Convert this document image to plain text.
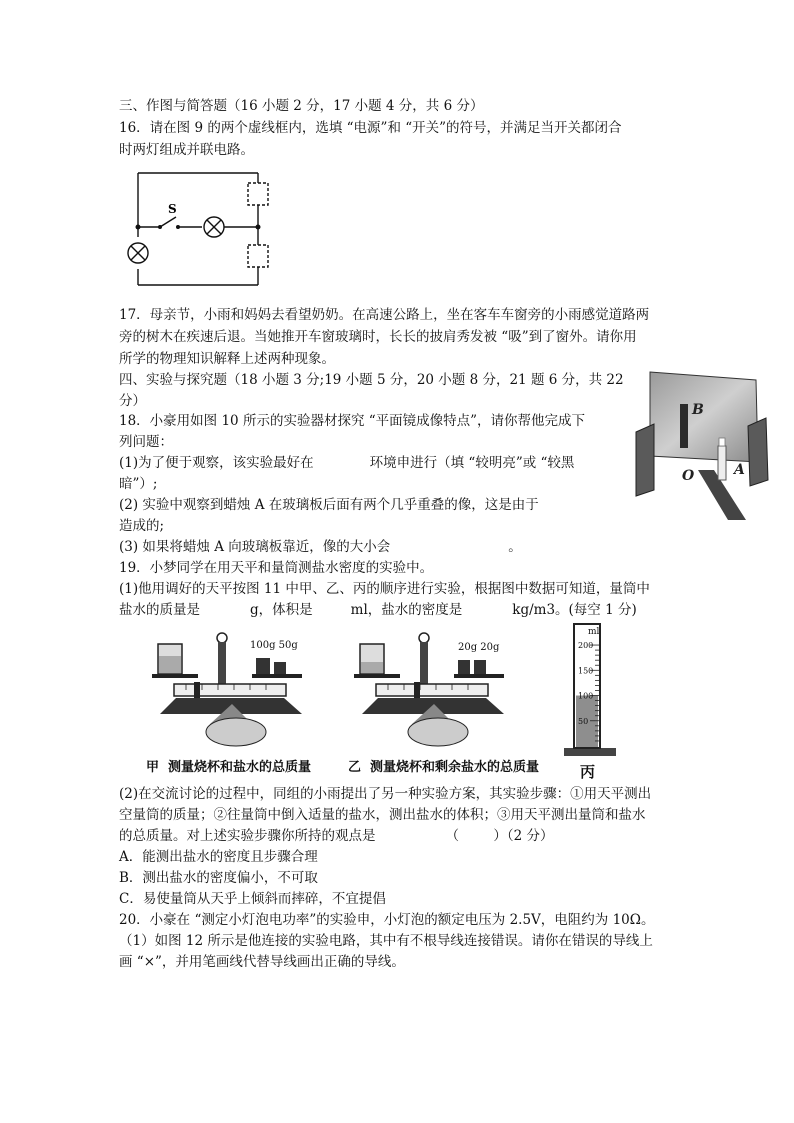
三、作图与简答题（16 小题 2 分，17 小题 4 分，共 6 分）
16．请在图 9 的两个虚线框内，选填 “电源”和 “开关”的符号，并满足当开关都闭合
时两灯组成并联电路。
S
17．母亲节，小雨和妈妈去看望奶奶。在高速公路上，坐在客车车窗旁的小雨感觉道路两
旁的树木在疾速后退。当她推开车窗玻璃时，长长的披肩秀发被 “吸”到了窗外。请你用
所学的物理知识解释上述两种现象。
四、实验与探究题（18 小题 3 分;19 小题 5 分，20 小题 8 分，21 题 6 分，共 22
分）
18．小豪用如图 10 所示的实验器材探究 “平面镜成像特点”，请你帮他完成下
列问题：
(1)为了便于观察，该实验最好在	环境申进行（填 “较明亮”或 “较黑
暗”）;
(2) 实验中观察到蜡烛 A 在玻璃板后面有两个几乎重叠的像，这是由于
造成的;
(3) 如果将蜡烛 A 向玻璃板靠近，像的大小会	。
B
O	A
19．小梦同学在用天平和量筒测盐水密度的实验中。
(1)他用调好的天平按图 11 中甲、乙、丙的顺序进行实验，根据图中数据可知道，量筒中
盐水的质量是	g，体积是	ml，盐水的密度是	kg/m3。(每空 1 分)
100g 50g	20g 20g
甲  测量烧杯和盐水的总质量	乙  测量烧杯和剩余盐水的总质量	丙
ml
200
150
100
50
(2)在交流讨论的过程中，同组的小雨提出了另一种实验方案，其实验步骤：①用天平测出
空量筒的质量；②往量筒中倒入适量的盐水，测出盐水的体积；③用天平测出量筒和盐水
的总质量。对上述实验步骤你所持的观点是	（        ）（2 分）
A．能测出盐水的密度且步骤合理
B．测出盐水的密度偏小，不可取
C．易使量筒从天乎上倾斜而摔碎，不宜提倡
20．小豪在 “测定小灯泡电功率”的实验申，小灯泡的额定电压为 2.5V，电阻约为 10Ω。
（1）如图 12 所示是他连接的实验电路，其中有不根导线连接错误。请你在错误的导线上
画 “×”，并用笔画线代替导线画出正确的导线。
